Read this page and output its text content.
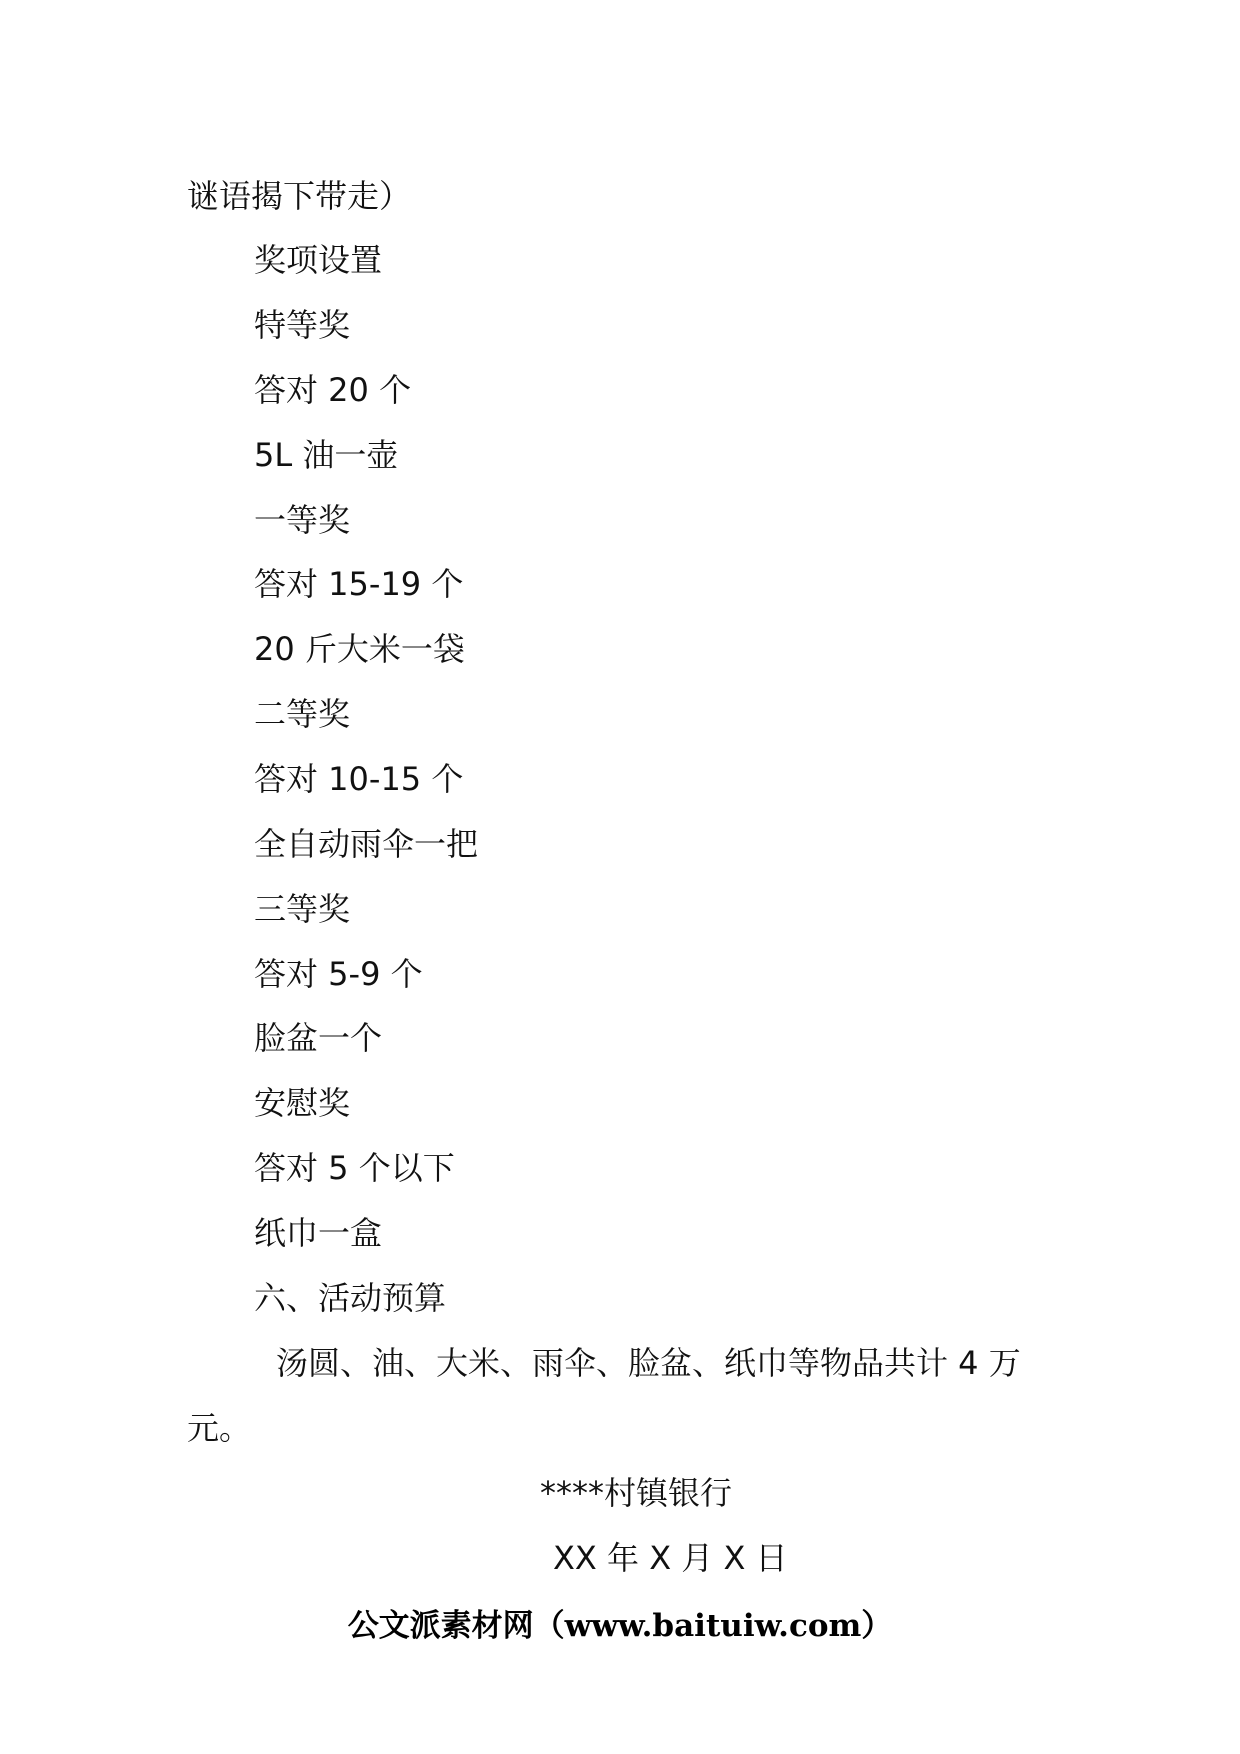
谜语揭下带走）
奖项设置
特等奖
答对 20 个
5L 油一壶
一等奖
答对 15-19 个
20 斤大米一袋
二等奖
答对 10-15 个
全自动雨伞一把
三等奖
答对 5-9 个
脸盆一个
安慰奖
答对 5 个以下
纸巾一盒
六、活动预算
汤圆、油、大米、雨伞、脸盆、纸巾等物品共计 4 万
元。
****村镇银行
XX 年 X 月 X 日
公文派素材网（www.baituiw.com）
